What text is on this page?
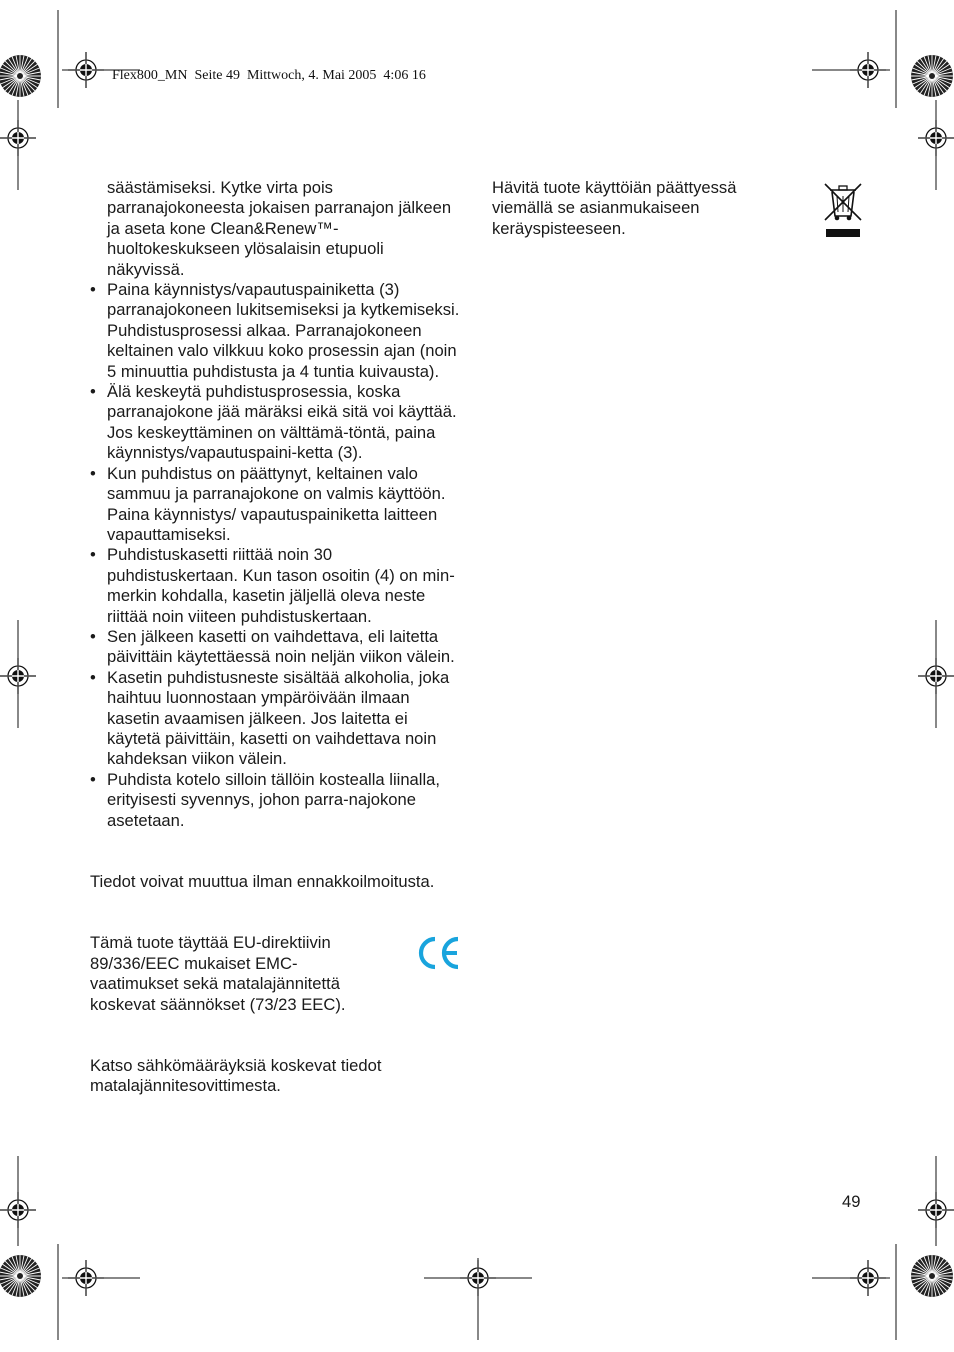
Flex800_MN  Seite 49  Mittwoch, 4. Mai 2005  4:06 16

säästämiseksi. Kytke virta pois parranajokoneesta jokaisen parranajon jälkeen ja aseta kone Clean&Renew™-huoltokeskukseen ylösalaisin etupuoli näkyvissä.

• Paina käynnistys/vapautuspainiketta (3) parranajokoneen lukitsemiseksi ja kytkemiseksi. Puhdistusprosessi alkaa. Parranajokoneen keltainen valo vilkkuu koko prosessin ajan (noin 5 minuuttia puhdistusta ja 4 tuntia kuivausta).
• Älä keskeytä puhdistusprosessia, koska parranajokone jää märäksi eikä sitä voi käyttää. Jos keskeyttäminen on välttämä-töntä, paina käynnistys/vapautuspaini-ketta (3).
• Kun puhdistus on päättynyt, keltainen valo sammuu ja parranajokone on valmis käyttöön. Paina käynnistys/ vapautuspainiketta laitteen vapauttamiseksi.
• Puhdistuskasetti riittää noin 30 puhdistuskertaan. Kun tason osoitin (4) on min-merkin kohdalla, kasetin jäljellä oleva neste riittää noin viiteen puhdistuskertaan.
• Sen jälkeen kasetti on vaihdettava, eli laitetta päivittäin käytettäessä noin neljän viikon välein.
• Kasetin puhdistusneste sisältää alkoholia, joka haihtuu luonnostaan ympäröivään ilmaan kasetin avaamisen jälkeen. Jos laitetta ei käytetä päivittäin, kasetti on vaihdettava noin kahdeksan viikon välein.
• Puhdista kotelo silloin tällöin kostealla liinalla, erityisesti syvennys, johon parra-najokone asetetaan.

Tiedot voivat muuttua ilman ennakkoilmoitusta.

Tämä tuote täyttää EU-direktiivin 89/336/EEC mukaiset EMC-vaatimukset sekä matalajännitettä koskevat säännökset (73/23 EEC).

Katso sähkömääräyksiä koskevat tiedot matalajännitesovittimesta.

Hävitä tuote käyttöiän päättyessä viemällä se asianmukaiseen keräyspisteeseen.

49
